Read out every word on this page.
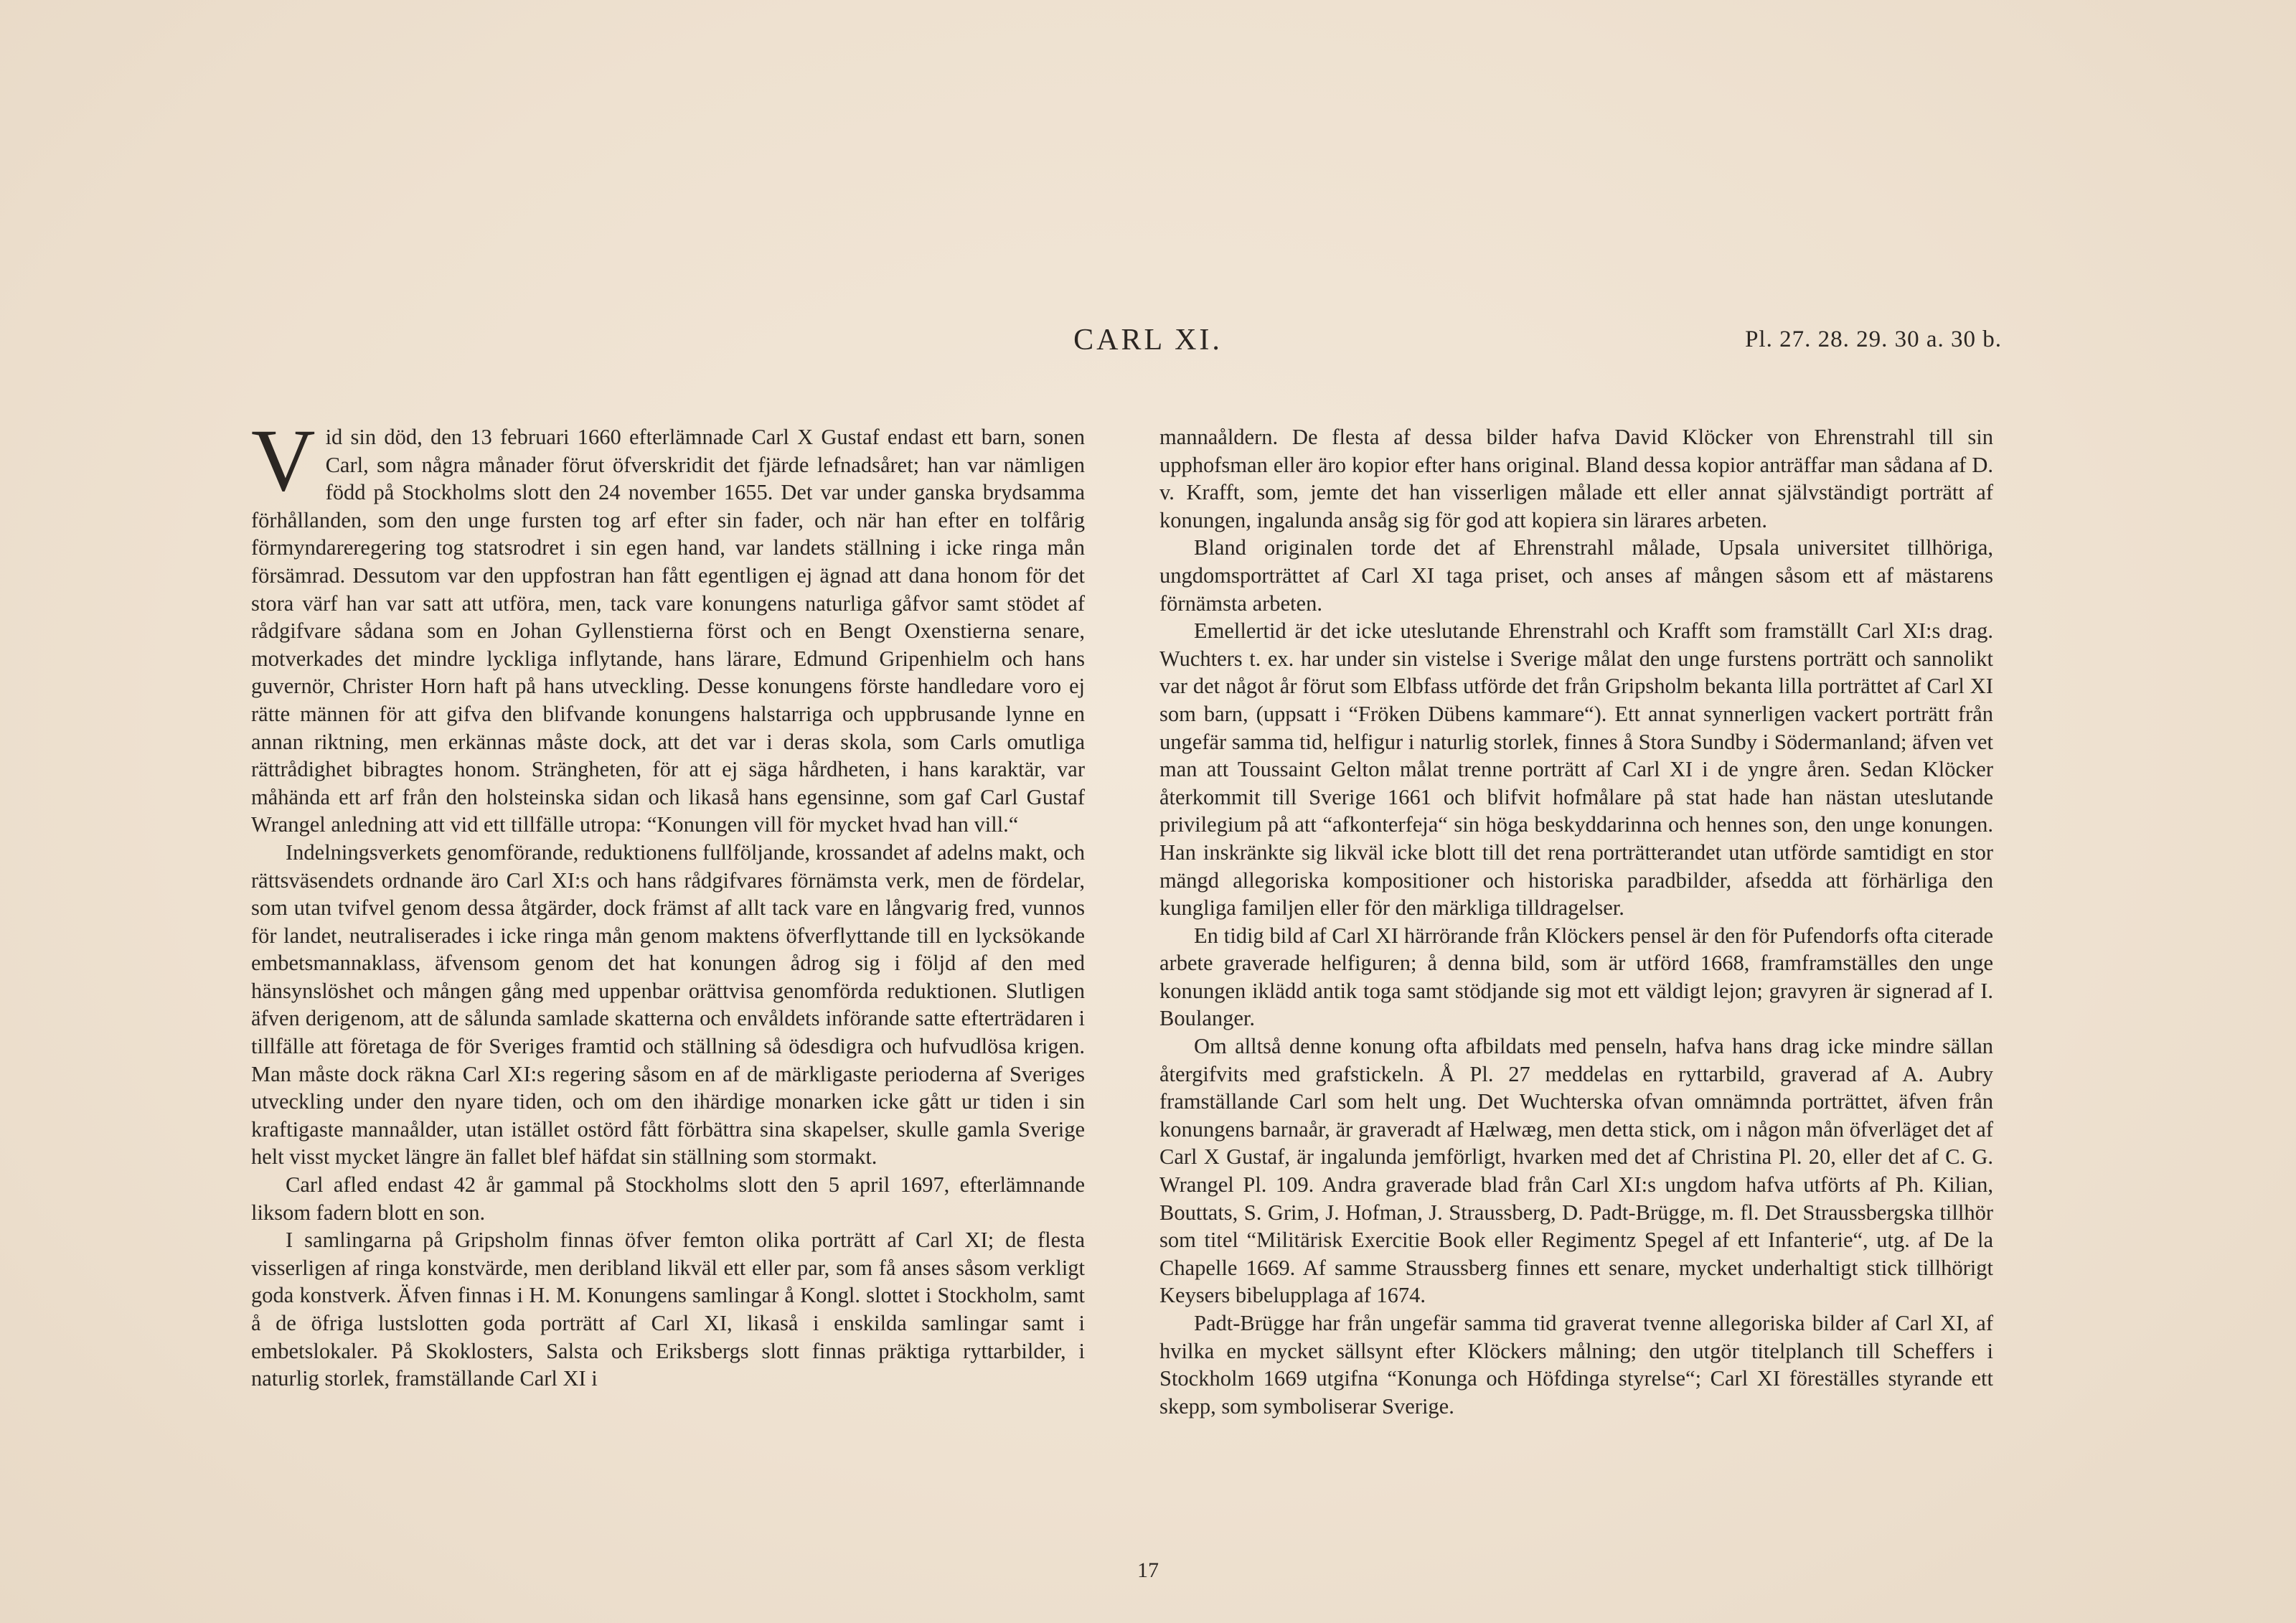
CARL XI.	Pl. 27. 28. 29. 30 a. 30 b.

Vid sin död, den 13 februari 1660 efterlämnade Carl X Gustaf endast ett barn, sonen Carl, som några månader förut öfverskridit det fjärde lefnadsåret; han var nämligen född på Stockholms slott den 24 november 1655. Det var under ganska brydsamma förhållanden, som den unge fursten tog arf efter sin fader, och när han efter en tolfårig förmyndareregering tog statsrodret i sin egen hand, var landets ställning i icke ringa mån försämrad. Dessutom var den uppfostran han fått egentligen ej ägnad att dana honom för det stora värf han var satt att utföra, men, tack vare konungens naturliga gåfvor samt stödet af rådgifvare sådana som en Johan Gyllenstierna först och en Bengt Oxenstierna senare, motverkades det mindre lyckliga inflytande, hans lärare, Edmund Gripenhielm och hans guvernör, Christer Horn haft på hans utveckling. Desse konungens förste handledare voro ej rätte männen för att gifva den blifvande konungens halstarriga och uppbrusande lynne en annan riktning, men erkännas måste dock, att det var i deras skola, som Carls omutliga rättrådighet bibragtes honom. Strängheten, för att ej säga hårdheten, i hans karaktär, var måhända ett arf från den holsteinska sidan och likaså hans egensinne, som gaf Carl Gustaf Wrangel anledning att vid ett tillfälle utropa: “Konungen vill för mycket hvad han vill.“

Indelningsverkets genomförande, reduktionens fullföljande, krossandet af adelns makt, och rättsväsendets ordnande äro Carl XI:s och hans rådgifvares förnämsta verk, men de fördelar, som utan tvifvel genom dessa åtgärder, dock främst af allt tack vare en långvarig fred, vunnos för landet, neutraliserades i icke ringa mån genom maktens öfverflyttande till en lycksökande embetsmannaklass, äfvensom genom det hat konungen ådrog sig i följd af den med hänsynslöshet och mången gång med uppenbar orättvisa genomförda reduktionen. Slutligen äfven derigenom, att de sålunda samlade skatterna och envåldets införande satte efterträdaren i tillfälle att företaga de för Sveriges framtid och ställning så ödesdigra och hufvudlösa krigen. Man måste dock räkna Carl XI:s regering såsom en af de märkligaste perioderna af Sveriges utveckling under den nyare tiden, och om den ihärdige monarken icke gått ur tiden i sin kraftigaste mannaålder, utan istället ostörd fått förbättra sina skapelser, skulle gamla Sverige helt visst mycket längre än fallet blef häfdat sin ställning som stormakt.

Carl afled endast 42 år gammal på Stockholms slott den 5 april 1697, efterlämnande liksom fadern blott en son.

I samlingarna på Gripsholm finnas öfver femton olika porträtt af Carl XI; de flesta visserligen af ringa konstvärde, men deribland likväl ett eller par, som få anses såsom verkligt goda konstverk. Äfven finnas i H. M. Konungens samlingar å Kongl. slottet i Stockholm, samt å de öfriga lustslotten goda porträtt af Carl XI, likaså i enskilda samlingar samt i embetslokaler. På Skoklosters, Salsta och Eriksbergs slott finnas präktiga ryttarbilder, i naturlig storlek, framställande Carl XI i

mannaåldern. De flesta af dessa bilder hafva David Klöcker von Ehrenstrahl till sin upphofsman eller äro kopior efter hans original. Bland dessa kopior anträffar man sådana af D. v. Krafft, som, jemte det han visserligen målade ett eller annat självständigt porträtt af konungen, ingalunda ansåg sig för god att kopiera sin lärares arbeten.

Bland originalen torde det af Ehrenstrahl målade, Upsala universitet tillhöriga, ungdomsporträttet af Carl XI taga priset, och anses af mången såsom ett af mästarens förnämsta arbeten.

Emellertid är det icke uteslutande Ehrenstrahl och Krafft som framställt Carl XI:s drag. Wuchters t. ex. har under sin vistelse i Sverige målat den unge furstens porträtt och sannolikt var det något år förut som Elbfass utförde det från Gripsholm bekanta lilla porträttet af Carl XI som barn, (uppsatt i “Fröken Dübens kammare“). Ett annat synnerligen vackert porträtt från ungefär samma tid, helfigur i naturlig storlek, finnes å Stora Sundby i Södermanland; äfven vet man att Toussaint Gelton målat trenne porträtt af Carl XI i de yngre åren. Sedan Klöcker återkommit till Sverige 1661 och blifvit hofmålare på stat hade han nästan uteslutande privilegium på att “afkonterfeja“ sin höga beskyddarinna och hennes son, den unge konungen. Han inskränkte sig likväl icke blott till det rena porträtterandet utan utförde samtidigt en stor mängd allegoriska kompositioner och historiska paradbilder, afsedda att förhärliga den kungliga familjen eller för den märkliga tilldragelser.

En tidig bild af Carl XI härrörande från Klöckers pensel är den för Pufendorfs ofta citerade arbete graverade helfiguren; å denna bild, som är utförd 1668, framframställes den unge konungen iklädd antik toga samt stödjande sig mot ett väldigt lejon; gravyren är signerad af I. Boulanger.

Om alltså denne konung ofta afbildats med penseln, hafva hans drag icke mindre sällan återgifvits med grafstickeln. Å Pl. 27 meddelas en ryttarbild, graverad af A. Aubry framställande Carl som helt ung. Det Wuchterska ofvan omnämnda porträttet, äfven från konungens barnaår, är graveradt af Hælwæg, men detta stick, om i någon mån öfverläget det af Carl X Gustaf, är ingalunda jemförligt, hvarken med det af Christina Pl. 20, eller det af C. G. Wrangel Pl. 109. Andra graverade blad från Carl XI:s ungdom hafva utförts af Ph. Kilian, Bouttats, S. Grim, J. Hofman, J. Straussberg, D. Padt-Brügge, m. fl. Det Straussbergska tillhör som titel “Militärisk Exercitie Book eller Regimentz Spegel af ett Infanterie“, utg. af De la Chapelle 1669. Af samme Straussberg finnes ett senare, mycket underhaltigt stick tillhörigt Keysers bibelupplaga af 1674.

Padt-Brügge har från ungefär samma tid graverat tvenne allegoriska bilder af Carl XI, af hvilka en mycket sällsynt efter Klöckers målning; den utgör titelplanch till Scheffers i Stockholm 1669 utgifna “Konunga och Höfdinga styrelse“; Carl XI föreställes styrande ett skepp, som symboliserar Sverige.

17
